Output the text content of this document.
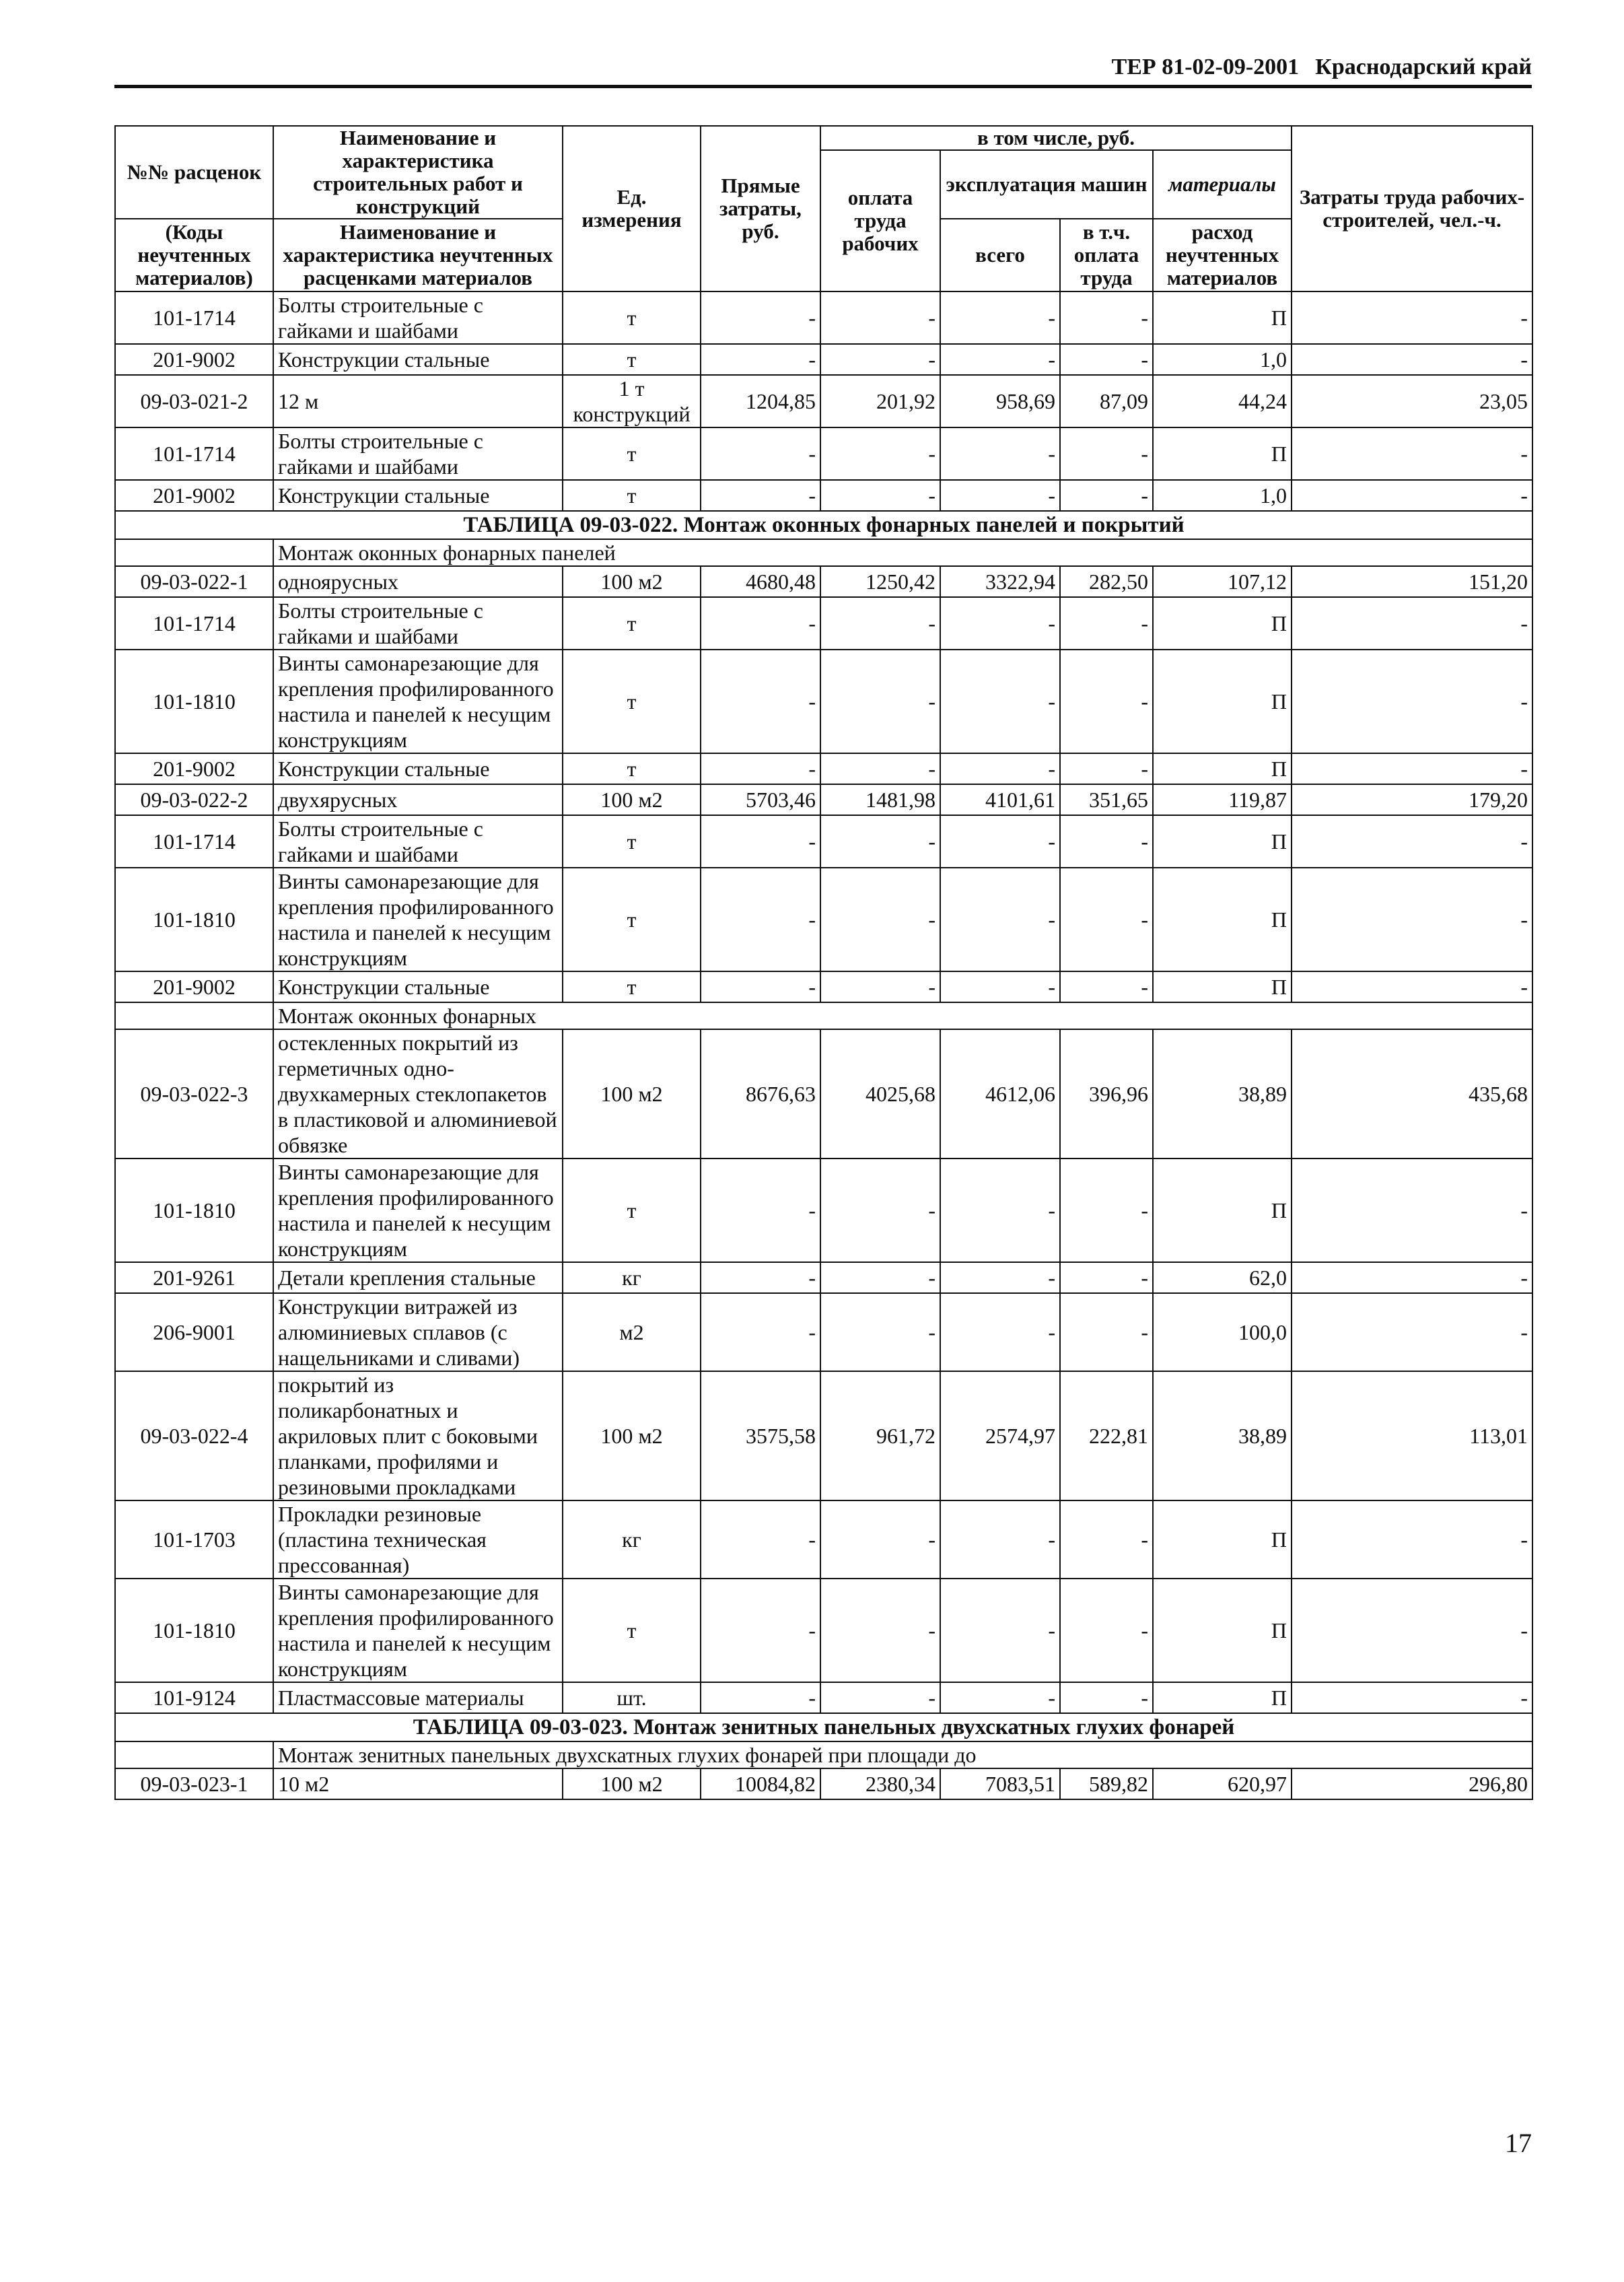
ТЕР 81-02-09-2001 Краснодарский край
№№ расценок	Наименование и характеристика строительных работ и конструкций	Ед. измерения	Прямые затраты, руб.	в том числе, руб.				Затраты труда рабочих-строителей, чел.-ч.
				оплата труда рабочих	эксплуатация машин		материалы	

(Коды неучтенных материалов)	Наименование и характеристика неучтенных расценками материалов				всего	в т.ч. оплата труда	расход неучтенных материалов	

101-1714	Болты строительные с гайками и шайбами	т	-	-	-	-	П	-
201-9002	Конструкции стальные	т	-	-	-	-	1,0	-
09-03-021-2	12 м	1 т конструкций	1204,85	201,92	958,69	87,09	44,24	23,05
101-1714	Болты строительные с гайками и шайбами	т	-	-	-	-	П	-
201-9002	Конструкции стальные	т	-	-	-	-	1,0	-
ТАБЛИЦА 09-03-022. Монтаж оконных фонарных панелей и покрытий								
	Монтаж оконных фонарных панелей							
09-03-022-1	одноярусных	100 м2	4680,48	1250,42	3322,94	282,50	107,12	151,20
101-1714	Болты строительные с гайками и шайбами	т	-	-	-	-	П	-
101-1810	Винты самонарезающие для крепления профилированного настила и панелей к несущим конструкциям	т	-	-	-	-	П	-
201-9002	Конструкции стальные	т	-	-	-	-	П	-
09-03-022-2	двухярусных	100 м2	5703,46	1481,98	4101,61	351,65	119,87	179,20
101-1714	Болты строительные с гайками и шайбами	т	-	-	-	-	П	-
101-1810	Винты самонарезающие для крепления профилированного настила и панелей к несущим конструкциям	т	-	-	-	-	П	-
201-9002	Конструкции стальные	т	-	-	-	-	П	-
	Монтаж оконных фонарных							
09-03-022-3	остекленных покрытий из герметичных одно- двухкамерных стеклопакетов в пластиковой и алюминиевой обвязке	100 м2	8676,63	4025,68	4612,06	396,96	38,89	435,68
101-1810	Винты самонарезающие для крепления профилированного настила и панелей к несущим конструкциям	т	-	-	-	-	П	-
201-9261	Детали крепления стальные	кг	-	-	-	-	62,0	-
206-9001	Конструкции витражей из алюминиевых сплавов (с нащельниками и сливами)	м2	-	-	-	-	100,0	-
09-03-022-4	покрытий из поликарбонатных и акриловых плит с боковыми планками, профилями и резиновыми прокладками	100 м2	3575,58	961,72	2574,97	222,81	38,89	113,01
101-1703	Прокладки резиновые (пластина техническая прессованная)	кг	-	-	-	-	П	-
101-1810	Винты самонарезающие для крепления профилированного настила и панелей к несущим конструкциям	т	-	-	-	-	П	-
101-9124	Пластмассовые материалы	шт.	-	-	-	-	П	-
ТАБЛИЦА 09-03-023. Монтаж зенитных панельных двухскатных глухих фонарей								
	Монтаж зенитных панельных двухскатных глухих фонарей при площади до							
09-03-023-1	10 м2	100 м2	10084,82	2380,34	7083,51	589,82	620,97	296,80
17
